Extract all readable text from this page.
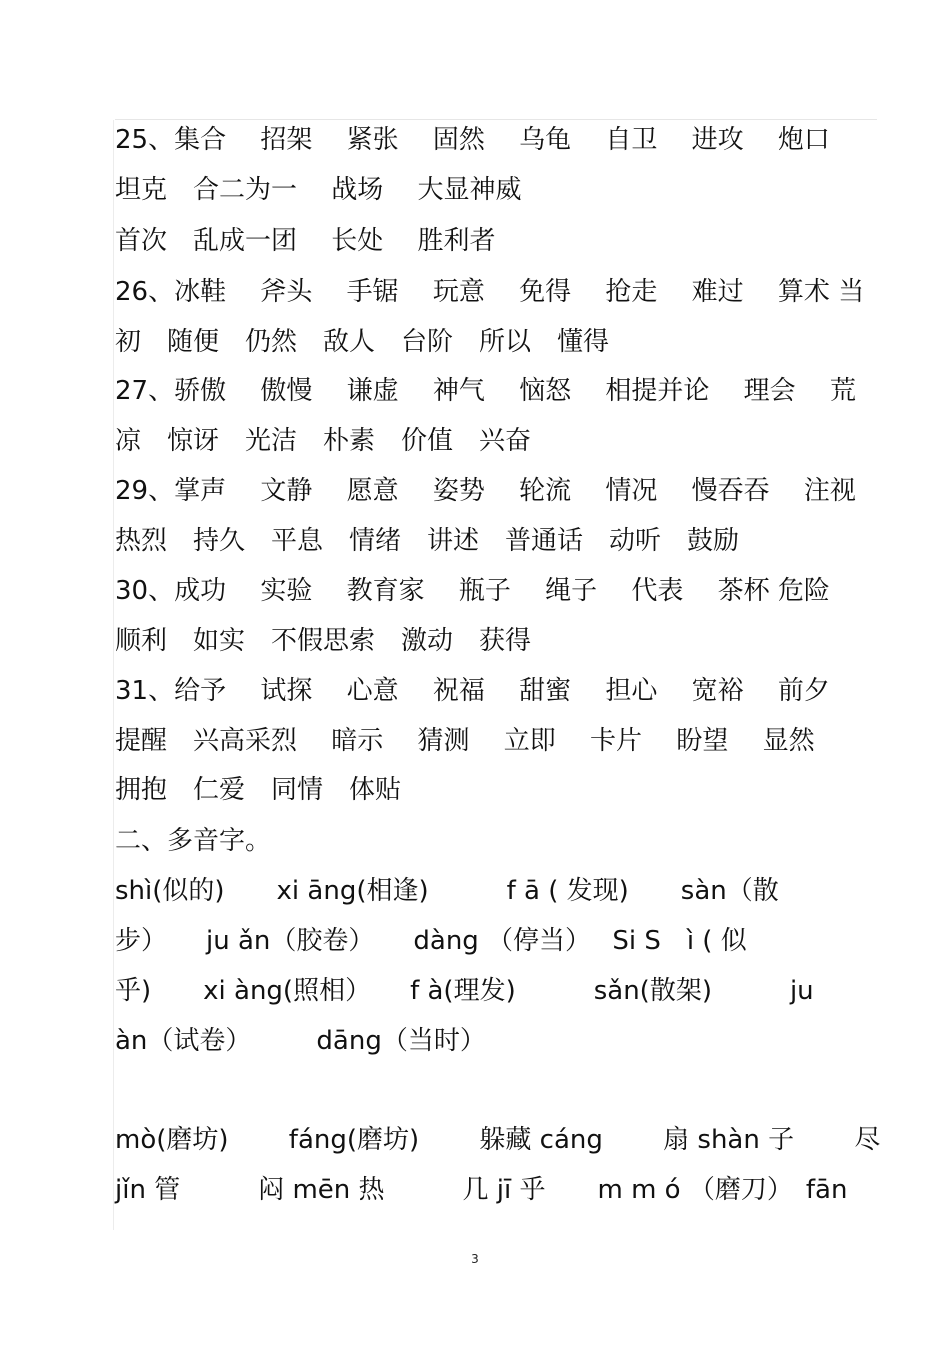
25、集合　 招架　 紧张　 固然　 乌龟　 自卫　 进攻　 炮口
坦克　合二为一　 战场　 大显神威
首次　乱成一团　 长处　 胜利者
26、冰鞋　 斧头　 手锯　 玩意　 免得　 抢走　 难过　 算术 当
初　随便　仍然　敌人　台阶　所以　懂得
27、骄傲　 傲慢　 谦虚　 神气　 恼怒　 相提并论　 理会　 荒
凉　惊讶　光洁　朴素　价值　兴奋
29、掌声　 文静　 愿意　 姿势　 轮流　 情况　 慢吞吞　 注视
热烈　持久　平息　情绪　讲述　普通话　动听　鼓励
30、成功　 实验　 教育家　 瓶子　 绳子　 代表　 茶杯 危险
顺利　如实　不假思索　激动　获得
31、给予　 试探　 心意　 祝福　 甜蜜　 担心　 宽裕　 前夕
提醒　兴高采烈　 暗示　 猜测　 立即　 卡片　 盼望　 显然
拥抱　仁爱　同情　体贴
二、多音字。
shì(似的)　　xi āng(相逢)　　　f ā ( 发现)　　sàn（散
步）　　ju ǎn（胶卷）　　dàng （停当）　 Si S　ì ( 似
乎)　　xi àng(照相）　　f à(理发)　　　sǎn(散架)　　　ju
àn（试卷）　　　dāng（当时）
mò(磨坊)　　 fáng(磨坊)　　 躲藏 cáng　　 扇 shàn 子　　 尽
jǐn 管　　　闷 mēn 热　　　几 jī 乎　　m m ó （磨刀）　fān
3
